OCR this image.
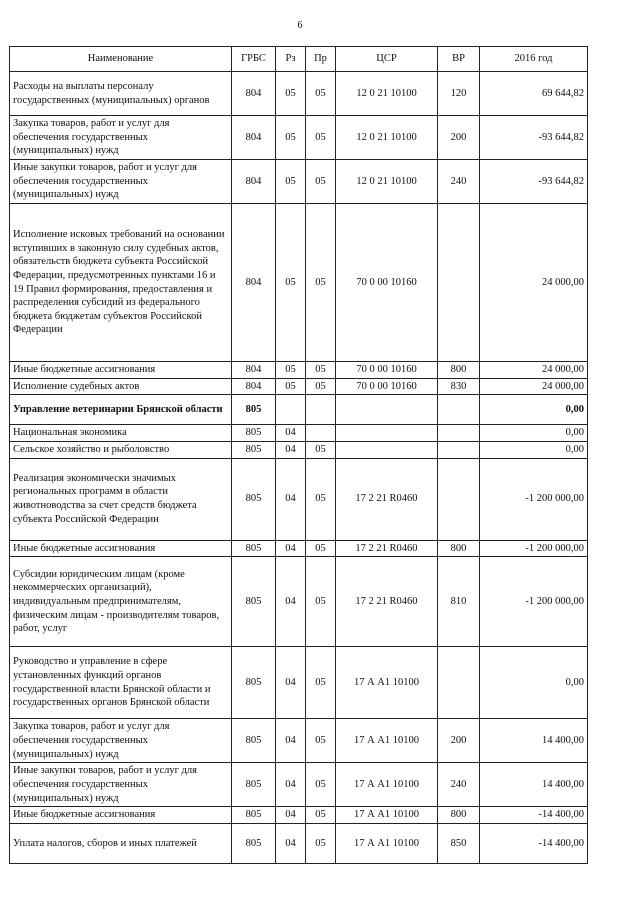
6
Наименование	ГРБС	Рз	Пр	ЦСР	ВР	2016 год
Расходы на выплаты персоналу государственных (муниципальных) органов	804	05	05	12 0 21 10100	120	69 644,82
Закупка товаров, работ и услуг для обеспечения государственных (муниципальных) нужд	804	05	05	12 0 21 10100	200	-93 644,82
Иные закупки товаров, работ и услуг для обеспечения государственных (муниципальных) нужд	804	05	05	12 0 21 10100	240	-93 644,82
Исполнение исковых требований на основании вступивших в законную силу судебных актов, обязательств бюджета субъекта Российской Федерации, предусмотренных пунктами 16 и 19 Правил формирования, предоставления и распределения субсидий из федерального бюджета бюджетам субъектов Российской Федерации	804	05	05	70 0 00 10160		24 000,00
Иные бюджетные ассигнования	804	05	05	70 0 00 10160	800	24 000,00
Исполнение судебных актов	804	05	05	70 0 00 10160	830	24 000,00
Управление ветеринарии Брянской области	805					0,00
Национальная экономика	805	04				0,00
Сельское хозяйство и рыболовство	805	04	05			0,00
Реализация экономически значимых региональных программ в области животноводства за счет средств бюджета субъекта Российской Федерации	805	04	05	17 2 21 R0460		-1 200 000,00
Иные бюджетные ассигнования	805	04	05	17 2 21 R0460	800	-1 200 000,00
Субсидии юридическим лицам (кроме некоммерческих организаций), индивидуальным предпринимателям, физическим лицам - производителям товаров, работ, услуг	805	04	05	17 2 21 R0460	810	-1 200 000,00
Руководство и управление в сфере установленных функций органов государственной власти Брянской области и государственных органов Брянской области	805	04	05	17 А А1 10100		0,00
Закупка товаров, работ и услуг для обеспечения государственных (муниципальных) нужд	805	04	05	17 А А1 10100	200	14 400,00
Иные закупки товаров, работ и услуг для обеспечения государственных (муниципальных) нужд	805	04	05	17 А А1 10100	240	14 400,00
Иные бюджетные ассигнования	805	04	05	17 А А1 10100	800	-14 400,00
Уплата налогов, сборов и иных платежей	805	04	05	17 А А1 10100	850	-14 400,00
